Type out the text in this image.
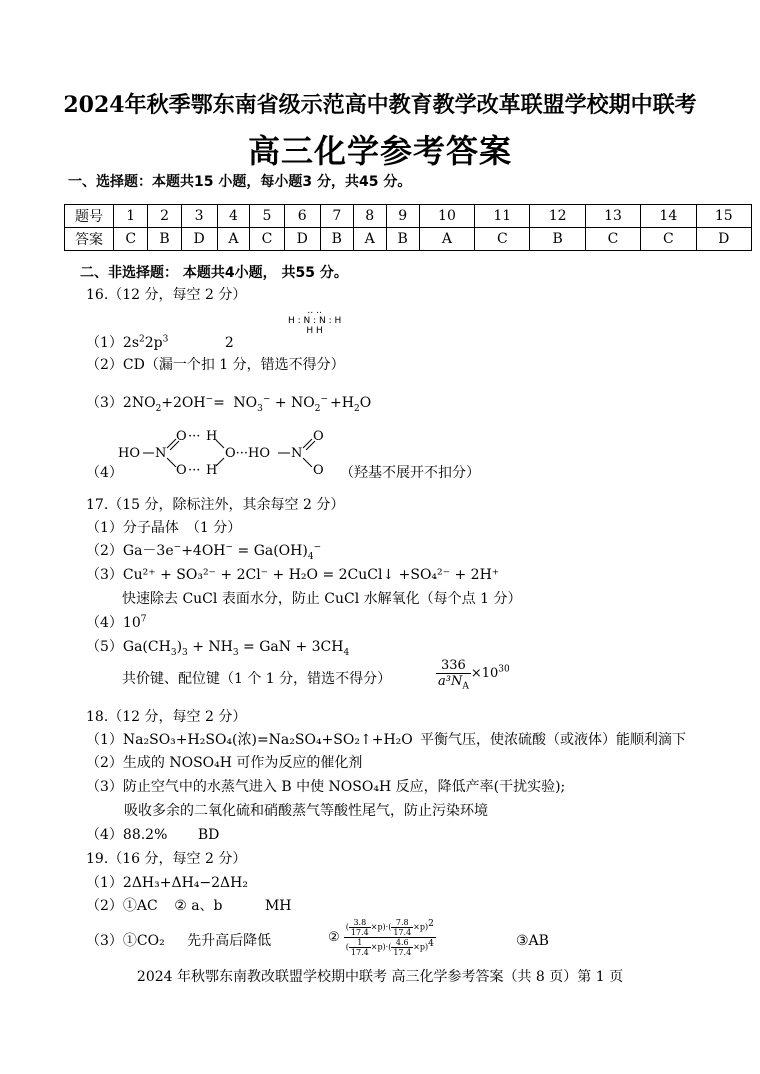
2024年秋季鄂东南省级示范高中教育教学改革联盟学校期中联考
高三化学参考答案
一、选择题：本题共15 小题，每小题3 分，共45 分。
题号	1	2	3	4	5	6	7	8	9	10	11	12	13	14	15
答案	C	B	D	A	C	D	B	A	B	A	C	B	C	C	D
二、非选择题： 本题共4小题， 共55 分。
16.（12 分，每空 2 分）
‥ ‥
H : N : N : H
H H
$(1)2s^22p^3$	2
（2）CD（漏一个扣 1 分，错选不得分）
$(3)2NO_2+2OH^-= NO_3^- + NO_2^- +H_2O$
HO N
O
O
···
···
H
H
O···HO N
O
O
（4）	（羟基不展开不扣分）
17.（15 分，除标注外，其余每空 2 分）
（1）分子晶体　（1 分）
$(2)Ga-3e^-+4OH^- = Ga(OH)_4^-$
（3）Cu²⁺ + SO₃²⁻ + 2Cl⁻ + H₂O = 2CuCl↓ +SO₄²⁻ + 2H⁺
快速除去 CuCl 表面水分，防止 CuCl 水解氧化（每个点 1 分）
$(4)10^7$
$(5)Ga(CH_3)_3 + NH_3$ = GaN + $3CH_4$
共价键、配位键（1 个 1 分，错选不得分）	$\frac{336}{a^3N_A} \times 10^{30}$
18.（12 分，每空 2 分）
（1）Na₂SO₃+H₂SO₄(浓)=Na₂SO₄+SO₂↑+H₂O 平衡气压，使浓硫酸（或液体）能顺利滴下
（2）生成的 NOSO₄H 可作为反应的催化剂
（3）防止空气中的水蒸气进入 B 中使 NOSO₄H 反应，降低产率(干扰实验);
吸收多余的二氧化硫和硝酸蒸气等酸性尾气，防止污染环境
（4）88.2% BD
19.（16 分，每空 2 分）
（1）2ΔH₃+ΔH₄−2ΔH₂
（2）①AC ② a、b	MH
（3）①CO₂ 先升高后降低	② $\frac{( \frac{3.8}{17.4} \times p)\cdot( \frac{7.8}{17.4} \times p)^2}{( \frac{1}{17.4} \times p)\cdot( \frac{4.6}{17.4} \times p)^4}$	③AB
2024 年秋鄂东南教改联盟学校期中联考 高三化学参考答案（共 8 页）第 1 页
